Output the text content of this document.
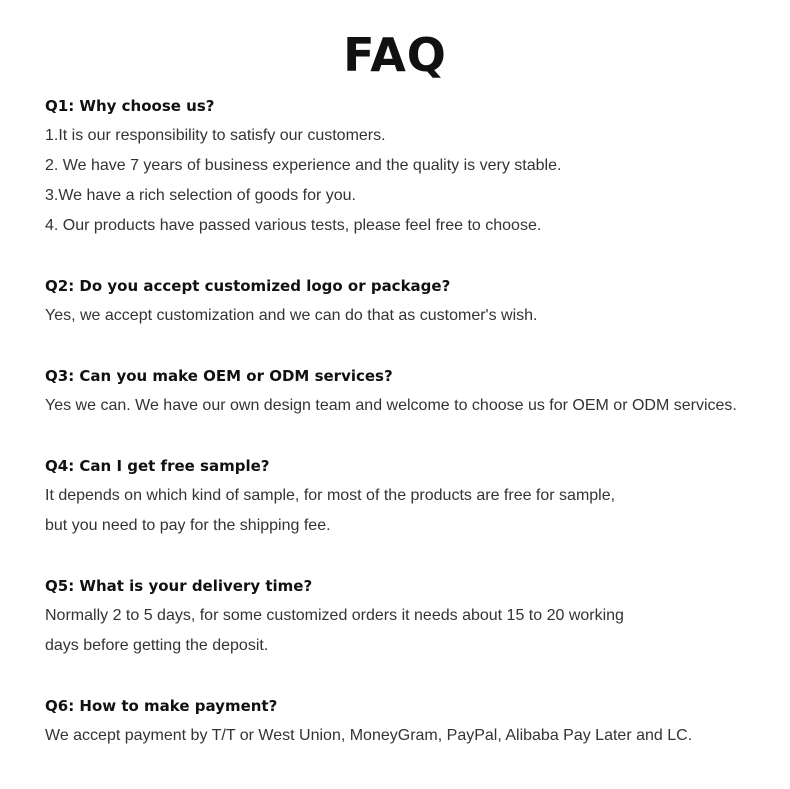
FAQ
Q1: Why choose us?
1.It is our responsibility to satisfy our customers.
2. We have 7 years of business experience and the quality is very stable.
3.We have a rich selection of goods for you.
4. Our products have passed various tests, please feel free to choose.
Q2: Do you accept customized logo or package?
Yes, we accept customization and we can do that as customer's wish.
Q3: Can you make OEM or ODM services?
Yes we can. We have our own design team and welcome to choose us for OEM or ODM services.
Q4: Can I get free sample?
It depends on which kind of sample, for most of the products are free for sample,
but you need to pay for the shipping fee.
Q5: What is your delivery time?
Normally 2 to 5 days, for some customized orders it needs about 15 to 20 working
days before getting the deposit.
Q6: How to make payment?
We accept payment by T/T or West Union, MoneyGram, PayPal, Alibaba Pay Later and LC.
